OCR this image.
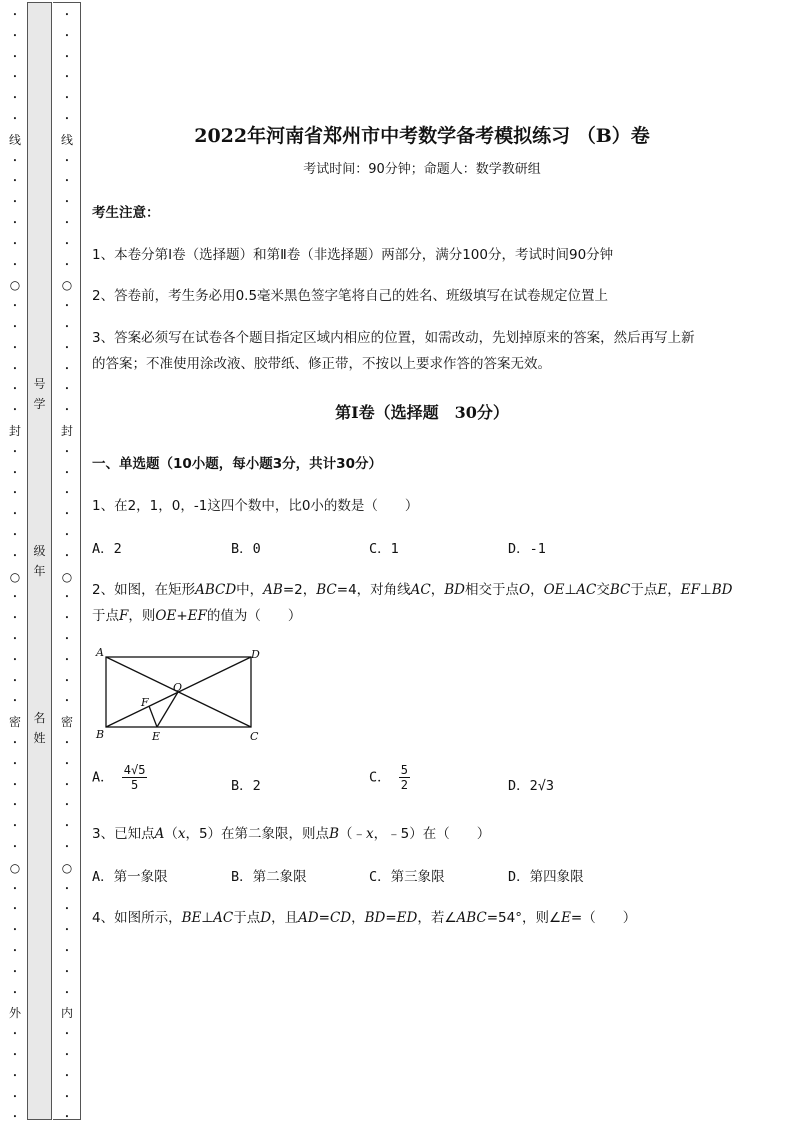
•
•
•
•
•
•
线
•
•
•
•
•
•
○
•
•
•
•
•
•
封
•
•
•
•
•
•
○
•
•
•
•
•
•
密
•
•
•
•
•
•
○
•
•
•
•
•
•
外
•
•
•
•
•
•
•
•
•
•
•
线
•
•
•
•
•
•
○
•
•
•
•
•
•
封
•
•
•
•
•
•
○
•
•
•
•
•
•
密
•
•
•
•
•
•
○
•
•
•
•
•
•
内
•
•
•
•
•
号
学
级
年
名
姓
2022年河南省郑州市中考数学备考模拟练习 （B）卷
考试时间：90分钟；命题人：数学教研组
考生注意：
1、本卷分第Ⅰ卷（选择题）和第Ⅱ卷（非选择题）两部分，满分100分，考试时间90分钟
2、答卷前，考生务必用0.5毫米黑色签字笔将自己的姓名、班级填写在试卷规定位置上
3、答案必须写在试卷各个题目指定区域内相应的位置，如需改动，先划掉原来的答案，然后再写上新
的答案；不准使用涂改液、胶带纸、修正带，不按以上要求作答的答案无效。
第Ⅰ卷（选择题　30分）
一、单选题（10小题，每小题3分，共计30分）
1、在2，1，0，-1这四个数中，比0小的数是（　　）
A．2	B．0	C．1	D．-1
2、如图，在矩形ABCD中，AB=2，BC=4，对角线AC，BD相交于点O，OE⊥AC交BC于点E，EF⊥BD
于点F，则OE+EF的值为（　　）
A	D
O
F
B	E	C
A． $\frac{4√5}{5}$	B．2
C． $\frac{5}{2}$	D．2√3
3、已知点A（x，5）在第二象限，则点B（﹣x，﹣5）在（　　）
A．第一象限	B．第二象限	C．第三象限	D．第四象限
4、如图所示，BE⊥AC于点D，且AD=CD，BD=ED，若∠ABC=54°，则∠E=（　　）
